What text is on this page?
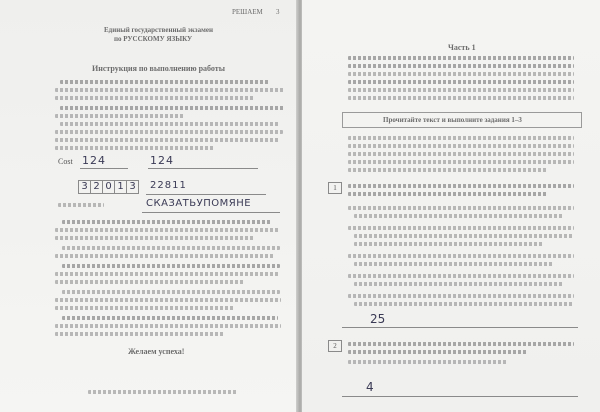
РЕШАЕМ 3
Единый государственный экзамен
по РУССКОМУ ЯЗЫКУ
Инструкция по выполнению работы
Cost 124	124
3 2 0 1 3	22811
СКАЗАТЬУПОМЯНЕ
Желаем успеха!
Часть 1
Прочитайте текст и выполните задания 1–3
1
25
2
4
